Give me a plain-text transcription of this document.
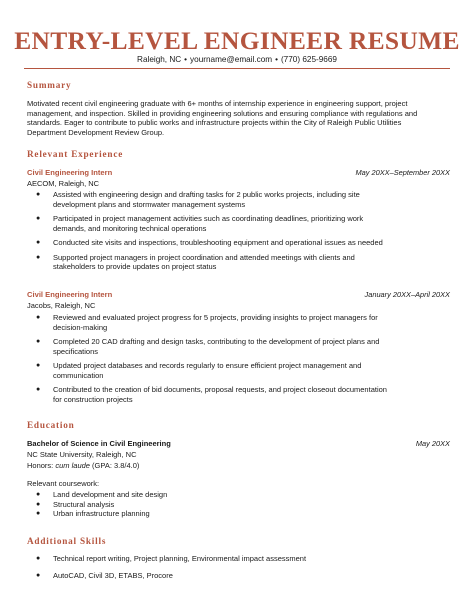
ENTRY-LEVEL ENGINEER RESUME
Raleigh, NC • yourname@email.com • (770) 625-9669
Summary
Motivated recent civil engineering graduate with 6+ months of internship experience in engineering support, project
management, and inspection. Skilled in providing engineering solutions and ensuring compliance with regulations and
standards. Eager to contribute to public works and infrastructure projects within the City of Raleigh Public Utilities
Department Development Review Group.
Relevant Experience
Civil Engineering Intern	May 20XX–September 20XX
AECOM, Raleigh, NC
● Assisted with engineering design and drafting tasks for 2 public works projects, including site
development plans and stormwater management systems
● Participated in project management activities such as coordinating deadlines, prioritizing work
demands, and monitoring technical operations
● Conducted site visits and inspections, troubleshooting equipment and operational issues as needed
● Supported project managers in project coordination and attended meetings with clients and
stakeholders to provide updates on project status
Civil Engineering Intern	January 20XX–April 20XX
Jacobs, Raleigh, NC
● Reviewed and evaluated project progress for 5 projects, providing insights to project managers for
decision-making
● Completed 20 CAD drafting and design tasks, contributing to the development of project plans and
specifications
● Updated project databases and records regularly to ensure efficient project management and
communication
● Contributed to the creation of bid documents, proposal requests, and project closeout documentation
for construction projects
Education
Bachelor of Science in Civil Engineering	May 20XX
NC State University, Raleigh, NC
Honors: cum laude (GPA: 3.8/4.0)
Relevant coursework:
● Land development and site design
● Structural analysis
● Urban infrastructure planning
Additional Skills
● Technical report writing, Project planning, Environmental impact assessment
● AutoCAD, Civil 3D, ETABS, Procore
